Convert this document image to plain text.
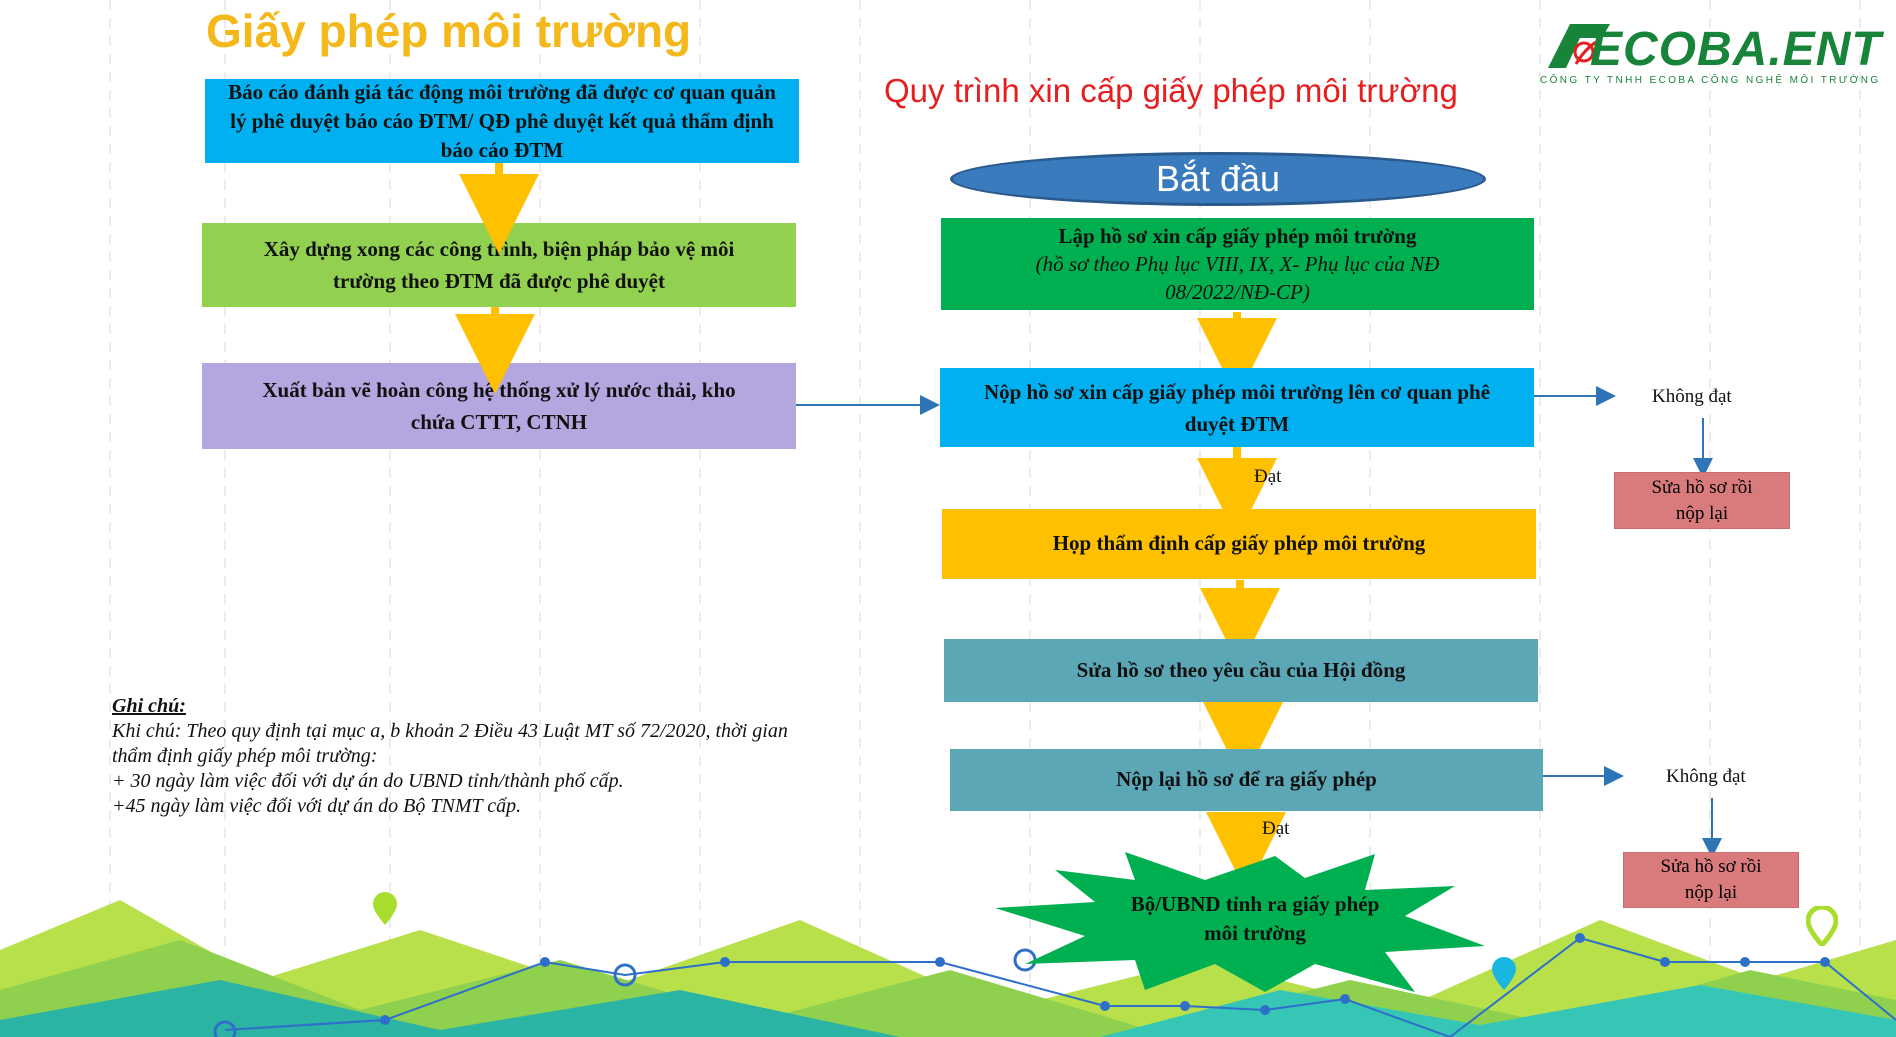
Giấy phép môi trường
Quy trình xin cấp giấy phép môi trường
ECOBA.ENT
CÔNG TY TNHH ECOBA CÔNG NGHỆ MÔI TRƯỜNG
Báo cáo đánh giá tác động môi trường đã được cơ quan quản lý phê duyệt báo cáo ĐTM/ QĐ phê duyệt kết quả thẩm định báo cáo ĐTM
Xây dựng xong các công trình, biện pháp bảo vệ môi trường theo ĐTM đã được phê duyệt
Xuất bản vẽ hoàn công hệ thống xử lý nước thải, kho chứa CTTT, CTNH
Bắt đầu
Lập hồ sơ xin cấp giấy phép môi trường
(hồ sơ theo Phụ lục VIII, IX, X- Phụ lục của NĐ 08/2022/NĐ-CP)
Nộp hồ sơ xin cấp giấy phép môi trường lên cơ quan phê duyệt ĐTM
Đạt
Không đạt
Sửa hồ sơ rồi nộp lại
Họp thẩm định cấp giấy phép môi trường
Sửa hồ sơ theo yêu cầu của Hội đồng
Nộp lại hồ sơ để ra giấy phép
Đạt
Không đạt
Sửa hồ sơ rồi nộp lại
Bộ/UBND tỉnh ra giấy phép môi trường
Ghi chú:
Khi chú: Theo quy định tại mục a, b khoản 2 Điều 43 Luật MT số 72/2020, thời gian thẩm định giấy phép môi trường:
+ 30 ngày làm việc đối với dự án do UBND tỉnh/thành phố cấp.
+45 ngày làm việc đối với dự án do Bộ TNMT cấp.
